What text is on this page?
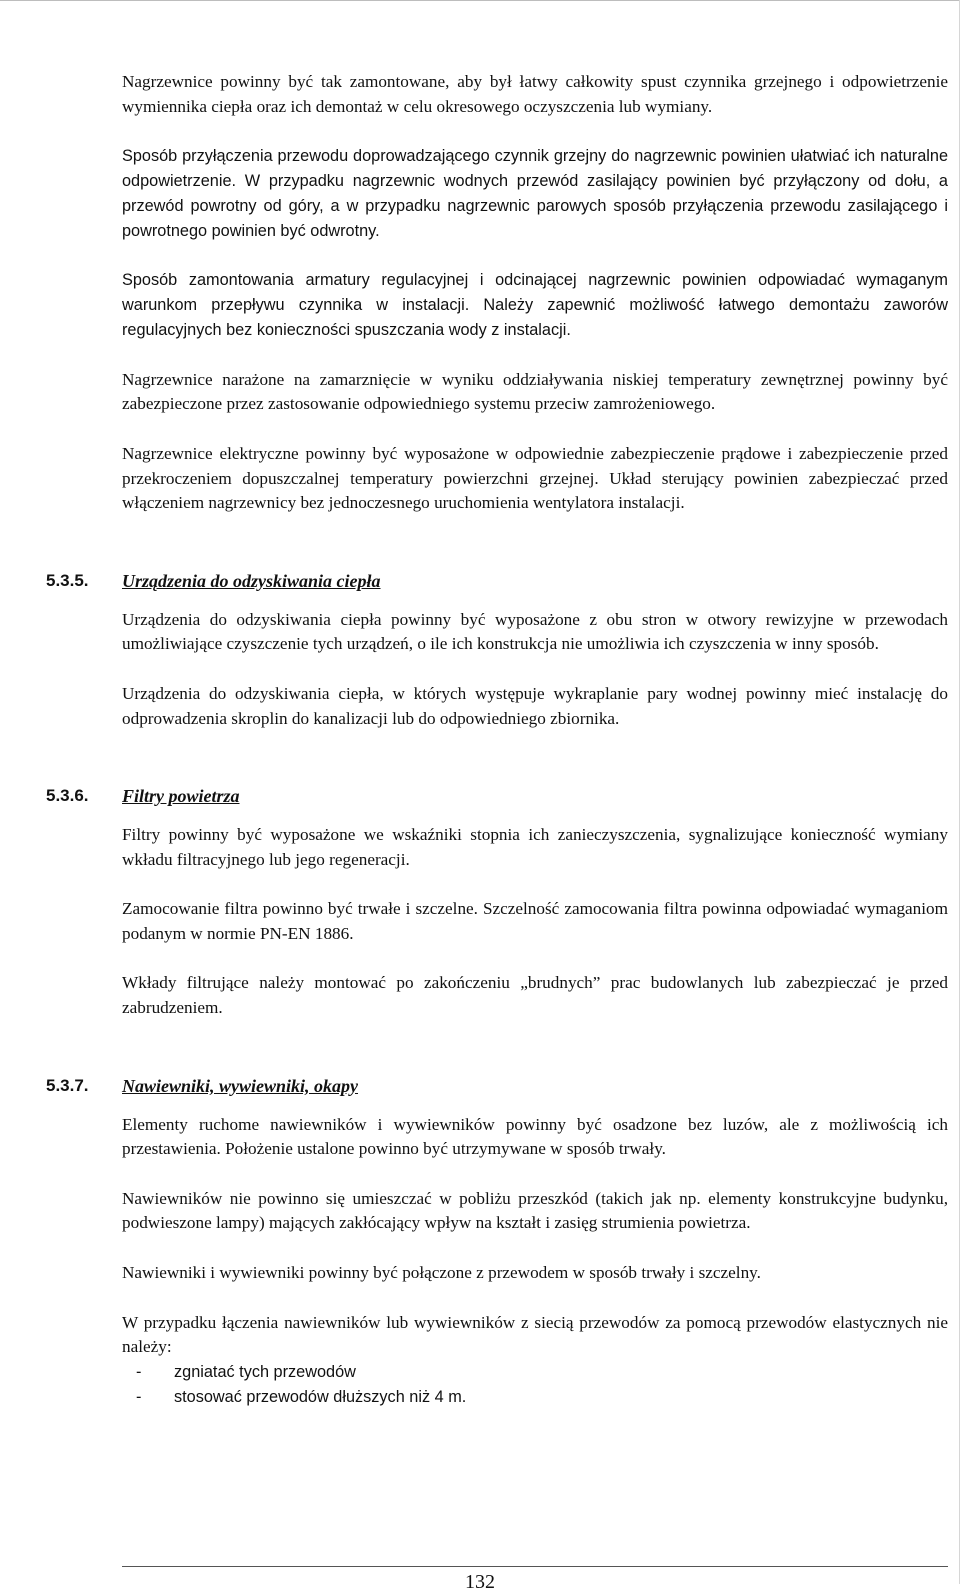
Nagrzewnice powinny być tak zamontowane, aby był łatwy całkowity spust czynnika grzejnego i odpowietrzenie wymiennika ciepła oraz ich demontaż w celu okresowego oczyszczenia lub wymiany.

Sposób przyłączenia przewodu doprowadzającego czynnik grzejny do nagrzewnic powinien ułatwiać ich naturalne odpowietrzenie. W przypadku nagrzewnic wodnych przewód zasilający powinien być przyłączony od dołu, a przewód powrotny od góry, a w przypadku nagrzewnic parowych sposób przyłączenia przewodu zasilającego i powrotnego powinien być odwrotny.

Sposób zamontowania armatury regulacyjnej i odcinającej nagrzewnic powinien odpowiadać wymaganym warunkom przepływu czynnika w instalacji. Należy zapewnić możliwość łatwego demontażu zaworów regulacyjnych bez konieczności spuszczania wody z instalacji.

Nagrzewnice narażone na zamarznięcie w wyniku oddziaływania niskiej temperatury zewnętrznej powinny być zabezpieczone przez zastosowanie odpowiedniego systemu przeciw zamrożeniowego.

Nagrzewnice elektryczne powinny być wyposażone w odpowiednie zabezpieczenie prądowe i zabezpieczenie przed przekroczeniem dopuszczalnej temperatury powierzchni grzejnej. Układ sterujący powinien zabezpieczać przed włączeniem nagrzewnicy bez jednoczesnego uruchomienia wentylatora instalacji.

5.3.5. Urządzenia do odzyskiwania ciepła

Urządzenia do odzyskiwania ciepła powinny być wyposażone z obu stron w otwory rewizyjne w przewodach umożliwiające czyszczenie tych urządzeń, o ile ich konstrukcja nie umożliwia ich czyszczenia w inny sposób.

Urządzenia do odzyskiwania ciepła, w których występuje wykraplanie pary wodnej powinny mieć instalację do odprowadzenia skroplin do kanalizacji lub do odpowiedniego zbiornika.

5.3.6. Filtry powietrza

Filtry powinny być wyposażone we wskaźniki stopnia ich zanieczyszczenia, sygnalizujące konieczność wymiany wkładu filtracyjnego lub jego regeneracji.

Zamocowanie filtra powinno być trwałe i szczelne. Szczelność zamocowania filtra powinna odpowiadać wymaganiom podanym w normie PN-EN 1886.

Wkłady filtrujące należy montować po zakończeniu „brudnych” prac budowlanych lub zabezpieczać je przed zabrudzeniem.

5.3.7. Nawiewniki, wywiewniki, okapy

Elementy ruchome nawiewników i wywiewników powinny być osadzone bez luzów, ale z możliwością ich przestawienia. Położenie ustalone powinno być utrzymywane w sposób trwały.

Nawiewników nie powinno się umieszczać w pobliżu przeszkód (takich jak np. elementy konstrukcyjne budynku, podwieszone lampy) mających zakłócający wpływ na kształt i zasięg strumienia powietrza.

Nawiewniki i wywiewniki powinny być połączone z przewodem w sposób trwały i szczelny.

W przypadku łączenia nawiewników lub wywiewników z siecią przewodów za pomocą przewodów elastycznych nie należy:

- zgniatać tych przewodów
- stosować przewodów dłuższych niż 4 m.
132
